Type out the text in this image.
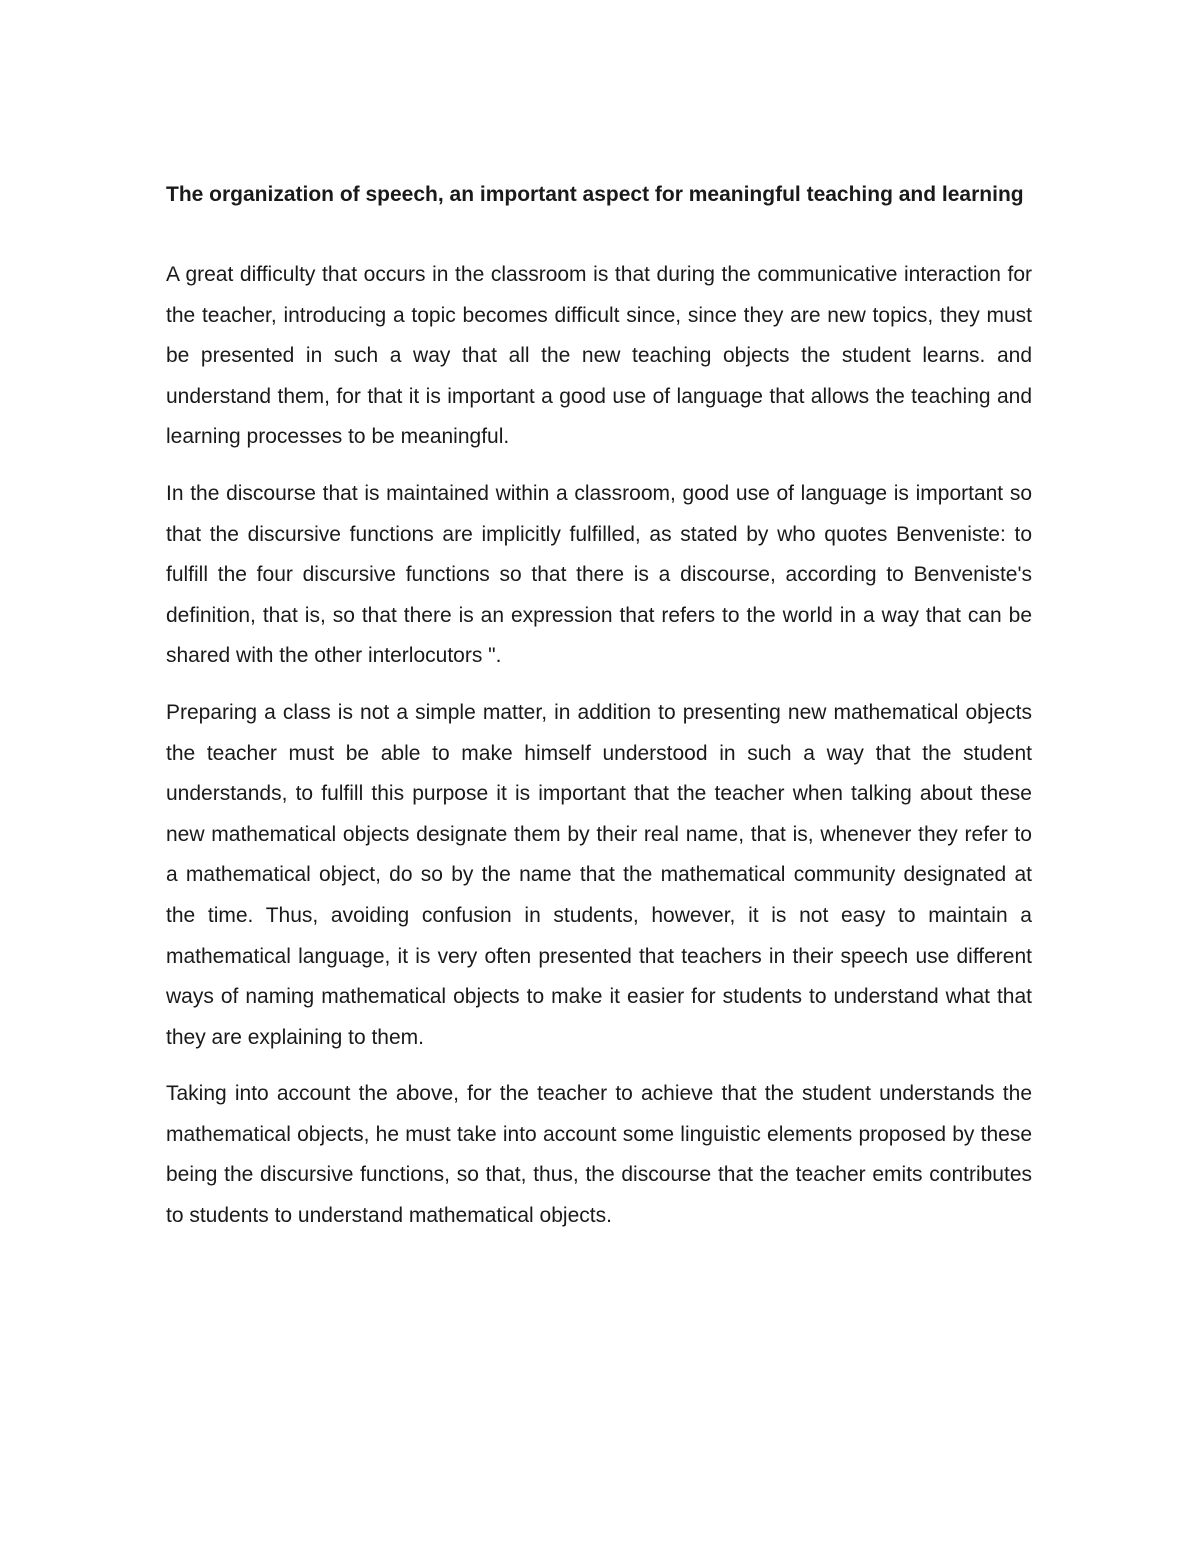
The organization of speech, an important aspect for meaningful teaching and learning

A great difficulty that occurs in the classroom is that during the communicative interaction for the teacher, introducing a topic becomes difficult since, since they are new topics, they must be presented in such a way that all the new teaching objects the student learns. and understand them, for that it is important a good use of language that allows the teaching and learning processes to be meaningful.

In the discourse that is maintained within a classroom, good use of language is important so that the discursive functions are implicitly fulfilled, as stated by who quotes Benveniste: to fulfill the four discursive functions so that there is a discourse, according to Benveniste's definition, that is, so that there is an expression that refers to the world in a way that can be shared with the other interlocutors ".

Preparing a class is not a simple matter, in addition to presenting new mathematical objects the teacher must be able to make himself understood in such a way that the student understands, to fulfill this purpose it is important that the teacher when talking about these new mathematical objects designate them by their real name, that is, whenever they refer to a mathematical object, do so by the name that the mathematical community designated at the time. Thus, avoiding confusion in students, however, it is not easy to maintain a mathematical language, it is very often presented that teachers in their speech use different ways of naming mathematical objects to make it easier for students to understand what that they are explaining to them.

Taking into account the above, for the teacher to achieve that the student understands the mathematical objects, he must take into account some linguistic elements proposed by these being the discursive functions, so that, thus, the discourse that the teacher emits contributes to students to understand mathematical objects.
